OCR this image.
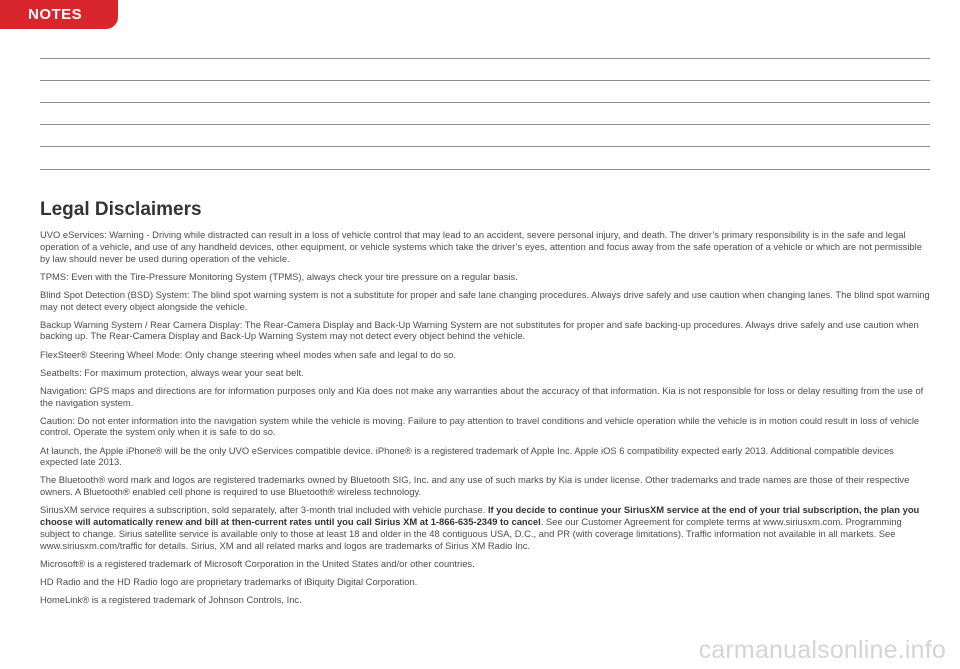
NOTES
Legal Disclaimers

UVO eServices: Warning - Driving while distracted can result in a loss of vehicle control that may lead to an accident, severe personal injury, and death. The driver’s primary responsibility is in the safe and legal operation of a vehicle, and use of any handheld devices, other equipment, or vehicle systems which take the driver’s eyes, attention and focus away from the safe operation of a vehicle or which are not permissible by law should never be used during operation of the vehicle.

TPMS: Even with the Tire-Pressure Monitoring System (TPMS), always check your tire pressure on a regular basis.

Blind Spot Detection (BSD) System: The blind spot warning system is not a substitute for proper and safe lane changing procedures. Always drive safely and use caution when changing lanes. The blind spot warning may not detect every object alongside the vehicle.

Backup Warning System / Rear Camera Display: The Rear-Camera Display and Back-Up Warning System are not substitutes for proper and safe backing-up procedures. Always drive safely and use caution when backing up. The Rear-Camera Display and Back-Up Warning System may not detect every object behind the vehicle.

FlexSteer® Steering Wheel Mode: Only change steering wheel modes when safe and legal to do so.

Seatbelts: For maximum protection, always wear your seat belt.

Navigation: GPS maps and directions are for information purposes only and Kia does not make any warranties about the accuracy of that information. Kia is not responsible for loss or delay resulting from the use of the navigation system.

Caution: Do not enter information into the navigation system while the vehicle is moving. Failure to pay attention to travel conditions and vehicle operation while the vehicle is in motion could result in loss of vehicle control. Operate the system only when it is safe to do so.

At launch, the Apple iPhone® will be the only UVO eServices compatible device. iPhone® is a registered trademark of Apple Inc. Apple iOS 6 compatibility expected early 2013. Additional compatible devices expected late 2013.

The Bluetooth® word mark and logos are registered trademarks owned by Bluetooth SIG, Inc. and any use of such marks by Kia is under license. Other trademarks and trade names are those of their respective owners. A Bluetooth® enabled cell phone is required to use Bluetooth® wireless technology.

SiriusXM service requires a subscription, sold separately, after 3-month trial included with vehicle purchase. If you decide to continue your SiriusXM service at the end of your trial subscription, the plan you choose will automatically renew and bill at then-current rates until you call Sirius XM at 1-866-635-2349 to cancel. See our Customer Agreement for complete terms at www.siriusxm.com. Programming subject to change. Sirius satellite service is available only to those at least 18 and older in the 48 contiguous USA, D.C., and PR (with coverage limitations). Traffic information not available in all markets. See www.siriusxm.com/traffic for details. Sirius, XM and all related marks and logos are trademarks of Sirius XM Radio Inc.

Microsoft® is a registered trademark of Microsoft Corporation in the United States and/or other countries.

HD Radio and the HD Radio logo are proprietary trademarks of iBiquity Digital Corporation.

HomeLink® is a registered trademark of Johnson Controls, Inc.

carmanualsonline.info
